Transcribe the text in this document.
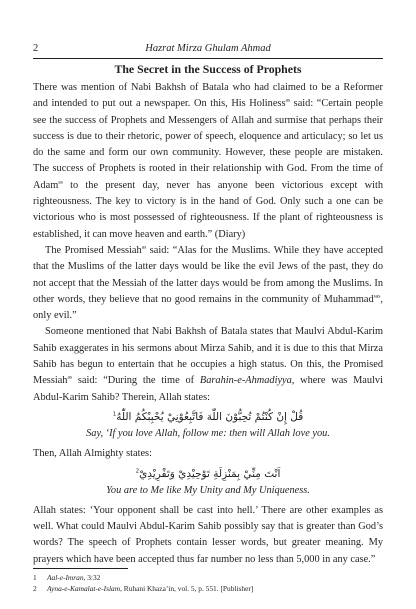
2	Hazrat Mirza Ghulam Ahmad
The Secret in the Success of Prophets

There was mention of Nabi Bakhsh of Batala who had claimed to be a Reformer and intended to put out a newspaper. On this, His Holiness$^{as}$ said: “Certain people see the success of Prophets and Messengers of Allah and surmise that perhaps their success is due to their rhetoric, power of speech, eloquence and articulacy; so let us do the same and form our own community. However, these people are mistaken. The success of Prophets is rooted in their relationship with God. From the time of Adam$^{as}$ to the present day, never has anyone been victorious except with righteousness. The key to victory is in the hand of God. Only such a one can be victorious who is most possessed of righteousness. If the plant of righteousness is established, it can move heaven and earth.” (Diary)

The Promised Messiah$^{as}$ said: “Alas for the Muslims. While they have accepted that the Muslims of the latter days would be like the evil Jews of the past, they do not accept that the Messiah of the latter days would be from among the Muslims. In other words, they believe that no good remains in the community of Muhammad$^{sas}$, only evil.”

Someone mentioned that Nabi Bakhsh of Batala states that Maulvi Abdul-Karim Sahib exaggerates in his sermons about Mirza Sahib, and it is due to this that Mirza Sahib has begun to entertain that he occupies a high status. On this, the Promised Messiah$^{as}$ said: “During the time of Barahin-e-Ahmadiyya, where was Maulvi Abdul-Karim Sahib? Therein, Allah states:

قُلْ إِنْ كُنْتُمْ تُحِبُّوْنَ اللّٰهَ فَاتَّبِعُوْنِيْ يُحْبِبْكُمُ اللّٰهُ$^1$
Say, ‘If you love Allah, follow me: then will Allah love you.

Then, Allah Almighty states:

اَنْتَ مِنِّيْ بِمَنْزِلَةِ تَوْحِيْدِيْ وَتَفْرِيْدِيْ$^2$
You are to Me like My Unity and My Uniqueness.

Allah states: ‘Your opponent shall be cast into hell.’ There are other examples as well. What could Maulvi Abdul-Karim Sahib possibly say that is greater than God’s words? The speech of Prophets contain lesser words, but greater meaning. My prayers which have been accepted thus far number no less than 5,000 in any case.”

1	Aal-e-Imran, 3:32
2	Ayna-e-Kamalat-e-Islam, Ruhani Khaza’in, vol. 5, p. 551. [Publisher]
